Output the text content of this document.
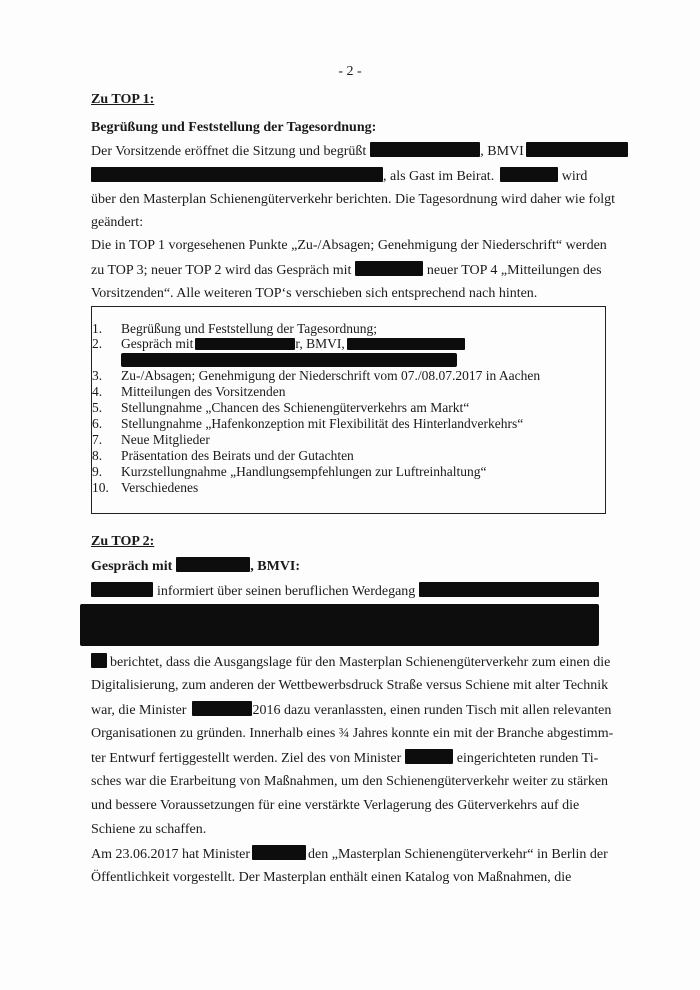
- 2 -
Zu TOP 1:
Begrüßung und Feststellung der Tagesordnung:
Der Vorsitzende eröffnet die Sitzung und begrüßt	, BMVI
, als Gast im Beirat.	wird
über den Masterplan Schienengüterverkehr berichten. Die Tagesordnung wird daher wie folgt
geändert:
Die in TOP 1 vorgesehenen Punkte „Zu-/Absagen; Genehmigung der Niederschrift“ werden
zu TOP 3; neuer TOP 2 wird das Gespräch mit	neuer TOP 4 „Mitteilungen des
Vorsitzenden“. Alle weiteren TOP‘s verschieben sich entsprechend nach hinten.
1.	Begrüßung und Feststellung der Tagesordnung;
2.	Gespräch mit	r, BMVI,
3.	Zu-/Absagen; Genehmigung der Niederschrift vom 07./08.07.2017 in Aachen
4.	Mitteilungen des Vorsitzenden
5.	Stellungnahme „Chancen des Schienengüterverkehrs am Markt“
6.	Stellungnahme „Hafenkonzeption mit Flexibilität des Hinterlandverkehrs“
7.	Neue Mitglieder
8.	Präsentation des Beirats und der Gutachten
9.	Kurzstellungnahme „Handlungsempfehlungen zur Luftreinhaltung“
10. Verschiedenes
Zu TOP 2:
Gespräch mit	, BMVI:
informiert über seinen beruflichen Werdegang
berichtet, dass die Ausgangslage für den Masterplan Schienengüterverkehr zum einen die
Digitalisierung, zum anderen der Wettbewerbsdruck Straße versus Schiene mit alter Technik
war, die Minister	2016 dazu veranlassten, einen runden Tisch mit allen relevanten
Organisationen zu gründen. Innerhalb eines ¾ Jahres konnte ein mit der Branche abgestimm-
ter Entwurf fertiggestellt werden. Ziel des von Minister	eingerichteten runden Ti-
sches war die Erarbeitung von Maßnahmen, um den Schienengüterverkehr weiter zu stärken
und bessere Voraussetzungen für eine verstärkte Verlagerung des Güterverkehrs auf die
Schiene zu schaffen.
Am 23.06.2017 hat Minister	den „Masterplan Schienengüterverkehr“ in Berlin der
Öffentlichkeit vorgestellt. Der Masterplan enthält einen Katalog von Maßnahmen, die
